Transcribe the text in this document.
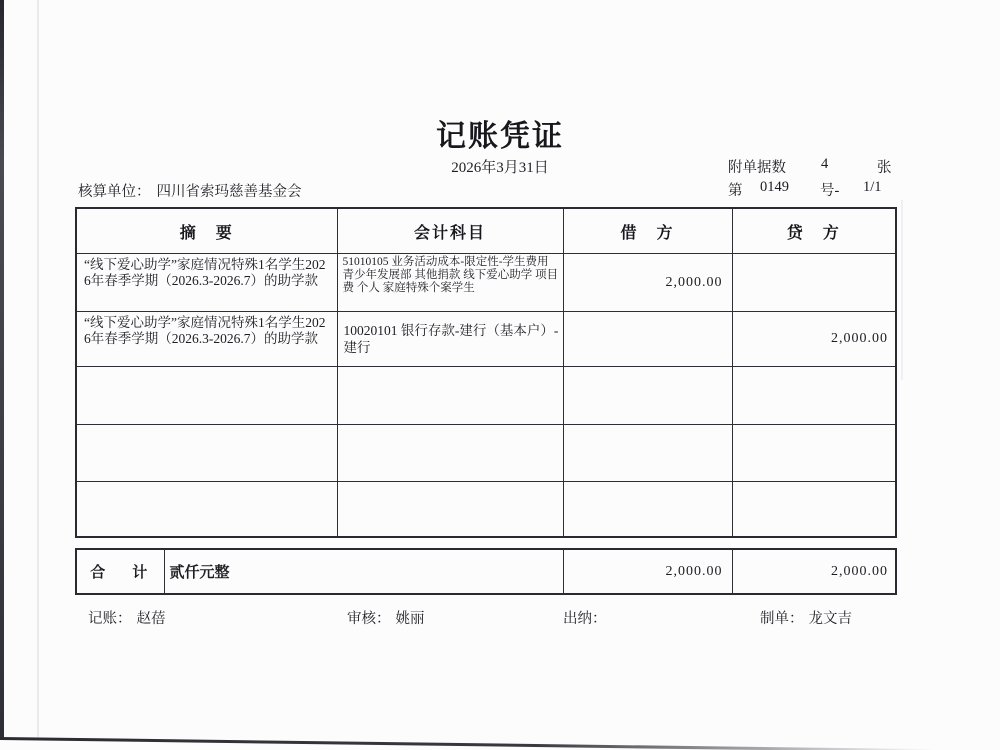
记账凭证
2026年3月31日	附单据数 4	张
第 0149 号- 1/1
核算单位： 四川省索玛慈善基金会
摘　要	会计科目	借　方	贷　方
“线下爱心助学”家庭情况特殊1名学生2026年春季学期（2026.3-2026.7）的助学款	51010105 业务活动成本-限定性-学生费用 青少年发展部 其他捐款 线下爱心助学 项目费 个人 家庭特殊个案学生	2,000.00	
“线下爱心助学”家庭情况特殊1名学生2026年春季学期（2026.3-2026.7）的助学款	10020101 银行存款-建行（基本户）-建行		2,000.00

合　计	贰仟元整	2,000.00	2,000.00
记账： 赵蓓	审核： 姚丽	出纳：	制单： 龙文吉
